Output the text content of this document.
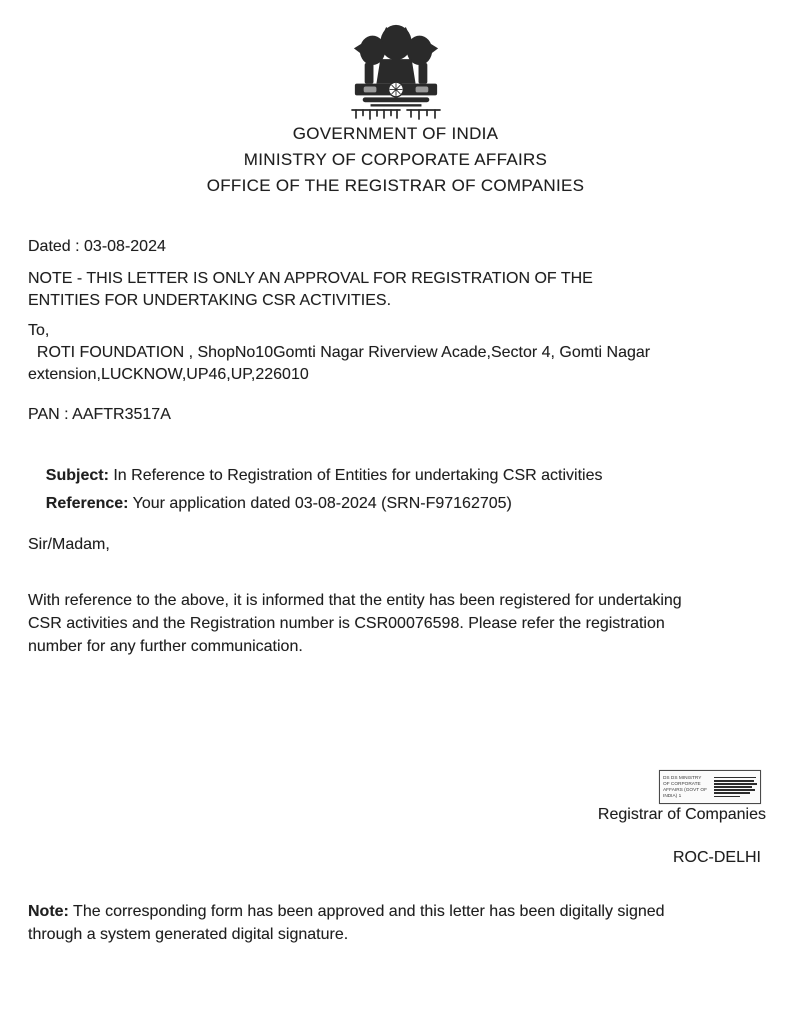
GOVERNMENT OF INDIA
MINISTRY OF CORPORATE AFFAIRS
OFFICE OF THE REGISTRAR OF COMPANIES
Dated : 03-08-2024
NOTE - THIS LETTER IS ONLY AN APPROVAL FOR REGISTRATION OF THE
ENTITIES FOR UNDERTAKING CSR ACTIVITIES.
To,
ROTI FOUNDATION , ShopNo10Gomti Nagar Riverview Acade,Sector 4, Gomti Nagar
extension,LUCKNOW,UP46,UP,226010
PAN : AAFTR3517A

Subject: In Reference to Registration of Entities for undertaking CSR activities

Reference: Your application dated 03-08-2024 (SRN-F97162705)

Sir/Madam,
With reference to the above, it is informed that the entity has been registered for undertaking
CSR activities and the Registration number is CSR00076598. Please refer the registration
number for any further communication.
DS DS MINISTRY
OF CORPORATE
AFFAIRS (GOVT OF
INDIA) 1
Registrar of Companies
ROC-DELHI
Note: The corresponding form has been approved and this letter has been digitally signed
through a system generated digital signature.
